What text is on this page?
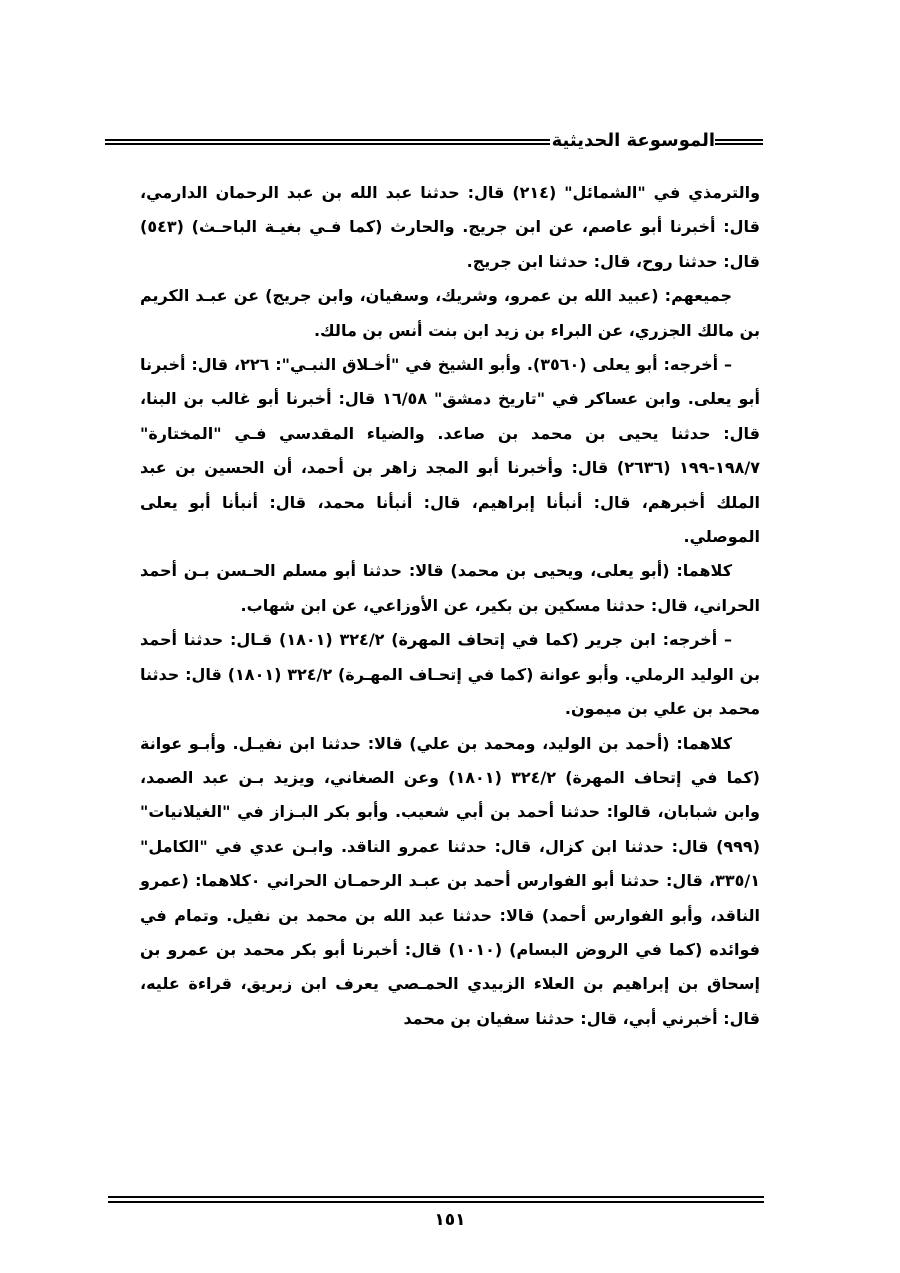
الموسوعة الحديثية

والترمذي في "الشمائل" (٢١٤) قال: حدثنا عبد الله بن عبد الرحمان الدارمي، قال: أخبرنا أبو عاصم، عن ابن جريج. والحارث (كما فـي بغيـة الباحـث) (٥٤٣) قال: حدثنا روح، قال: حدثنا ابن جريج.

جميعهم: (عبيد الله بن عمرو، وشريك، وسفيان، وابن جريج) عن عبـد الكريم بن مالك الجزري، عن البراء بن زيد ابن بنت أنس بن مالك.

– أخرجه: أبو يعلى (٣٥٦٠). وأبو الشيخ في "أخـلاق النبـي": ٢٢٦، قال: أخبرنا أبو يعلى. وابن عساكر في "تاريخ دمشق" ١٦/٥٨ قال: أخبرنا أبو غالب بن البنا، قال: حدثنا يحيى بن محمد بن صاعد. والضياء المقدسي فـي "المختارة" ١٩٨/٧-١٩٩ (٢٦٣٦) قال: وأخبرنا أبو المجد زاهر بن أحمد، أن الحسين بن عبد الملك أخبرهم، قال: أنبأنا إبراهيم، قال: أنبأنا محمد، قال: أنبأنا أبو يعلى الموصلي.

كلاهما: (أبو يعلى، ويحيى بن محمد) قالا: حدثنا أبو مسلم الحـسن بـن أحمد الحراني، قال: حدثنا مسكين بن بكير، عن الأوزاعي، عن ابن شهاب.

– أخرجه: ابن جرير (كما في إتحاف المهرة) ٣٢٤/٢ (١٨٠١) قـال: حدثنا أحمد بن الوليد الرملي. وأبو عوانة (كما في إتحـاف المهـرة) ٣٢٤/٢ (١٨٠١) قال: حدثنا محمد بن علي بن ميمون.

كلاهما: (أحمد بن الوليد، ومحمد بن علي) قالا: حدثنا ابن نفيـل. وأبـو عوانة (كما في إتحاف المهرة) ٣٢٤/٢ (١٨٠١) وعن الصغاني، ويزيد بـن عبد الصمد، وابن شبابان، قالوا: حدثنا أحمد بن أبي شعيب. وأبو بكر البـزاز في "الغيلانيات" (٩٩٩) قال: حدثنا ابن كزال، قال: حدثنا عمرو الناقد. وابـن عدي في "الكامل" ٣٣٥/١، قال: حدثنا أبو الفوارس أحمد بن عبـد الرحمـان الحراني ٠كلاهما: (عمرو الناقد، وأبو الفوارس أحمد) قالا: حدثنا عبد الله بن محمد بن نفيل. وتمام في فوائده (كما في الروض البسام) (١٠١٠) قال: أخبرنا أبو بكر محمد بن عمرو بن إسحاق بن إبراهيم بن العلاء الزبيدي الحمـصي يعرف ابن زبريق، قراءة عليه، قال: أخبرني أبي، قال: حدثنا سفيان بن محمد

١٥١
